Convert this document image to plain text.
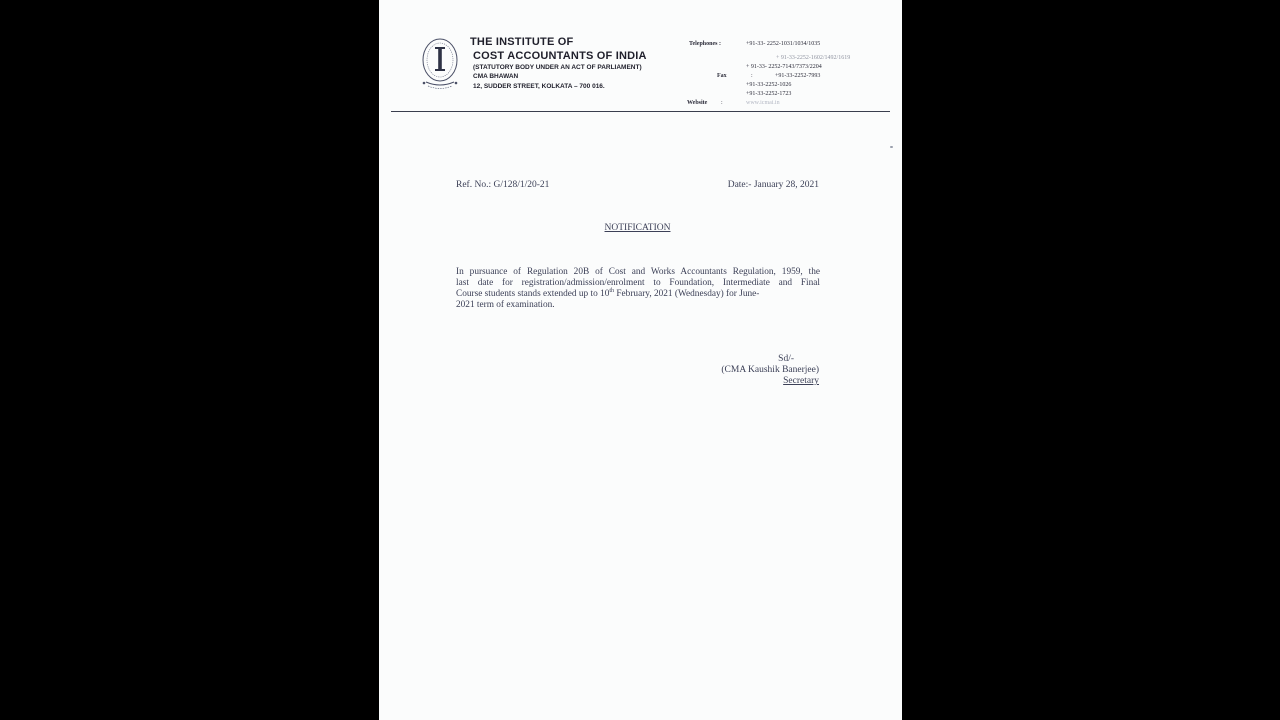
THE INSTITUTE OF
COST ACCOUNTANTS OF INDIA
(STATUTORY BODY UNDER AN ACT OF PARLIAMENT)
CMA BHAWAN
12, SUDDER STREET, KOLKATA – 700 016.
Telephones :	+91-33- 2252-1031/1034/1035
+ 91-33-2252-1602/1492/1619
+ 91-33- 2252-7143/7373/2204
Fax	:	+91-33-2252-7993
+91-33-2252-1026
+91-33-2252-1723
Website :	www.icmai.in
Ref. No.: G/128/1/20-21	Date:- January 28, 2021
NOTIFICATION
In pursuance of Regulation 20B of Cost and Works Accountants Regulation, 1959, the
last date for registration/admission/enrolment to Foundation, Intermediate and Final
Course students stands extended up to 10th February, 2021 (Wednesday) for June-
2021 term of examination.
Sd/-
(CMA Kaushik Banerjee)
Secretary
